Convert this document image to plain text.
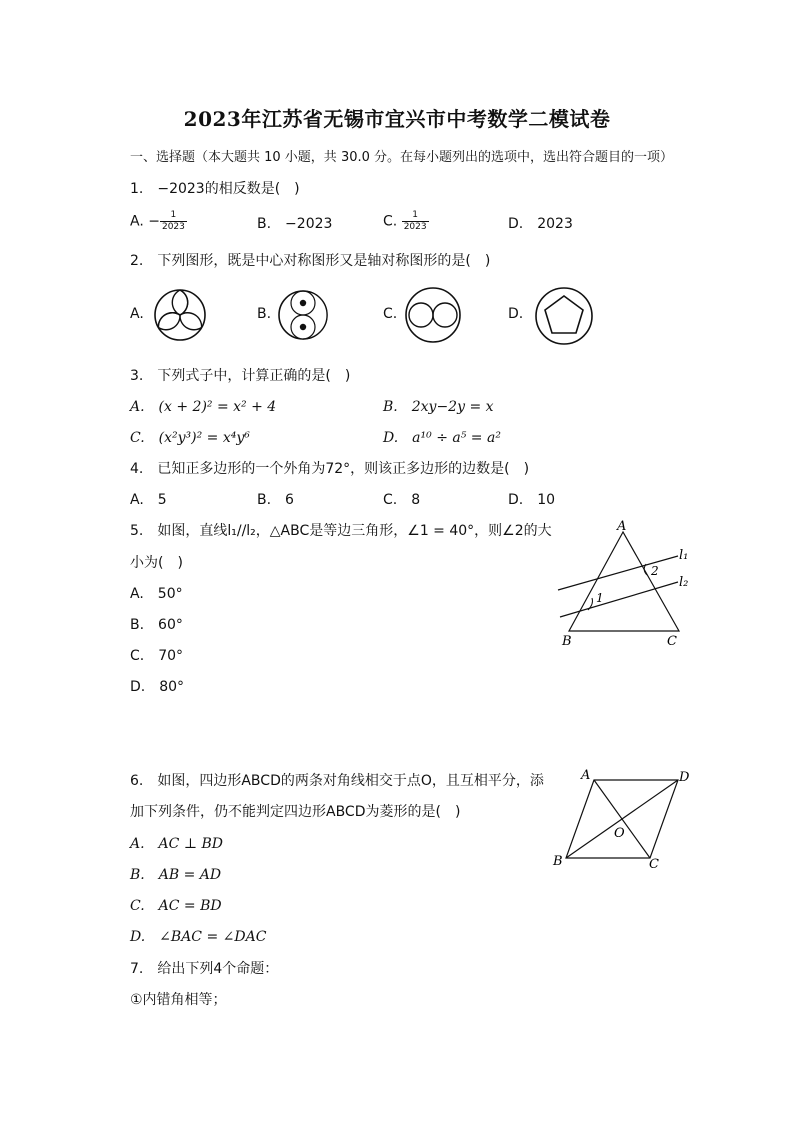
2023年江苏省无锡市宜兴市中考数学二模试卷
一、选择题（本大题共 10 小题，共 30.0 分。在每小题列出的选项中，选出符合题目的一项）
1.　−2023的相反数是(　)
A. − $\frac{1}{2023}$	B.　−2023	C. $\frac{1}{2023}$	D.　2023
2.　下列图形，既是中心对称图形又是轴对称图形的是(　)
A.	B.	C.	D.
3.　下列式子中，计算正确的是(　)
A.　(x + 2)² = x² + 4	B.　2xy−2y = x
C.　(x²y³)² = x⁴y⁶	D.　a¹⁰ ÷ a⁵ = a²
4.　已知正多边形的一个外角为72°，则该正多边形的边数是(　)
A.　5	B.　6	C.　8	D.　10
5.　如图，直线l₁//l₂，△ABC是等边三角形，∠1 = 40°，则∠2的大
小为(　)
A.　50°
B.　60°
C.　70°
D.　80°
A
B	C
1
2
l₁
l₂
6.　如图，四边形ABCD的两条对角线相交于点O，且互相平分，添
加下列条件，仍不能判定四边形ABCD为菱形的是(　)
A.　AC ⊥ BD
B.　AB = AD
C.　AC = BD
D.　∠BAC = ∠DAC
A	D
B	C
O
7.　给出下列4个命题：
①内错角相等；
